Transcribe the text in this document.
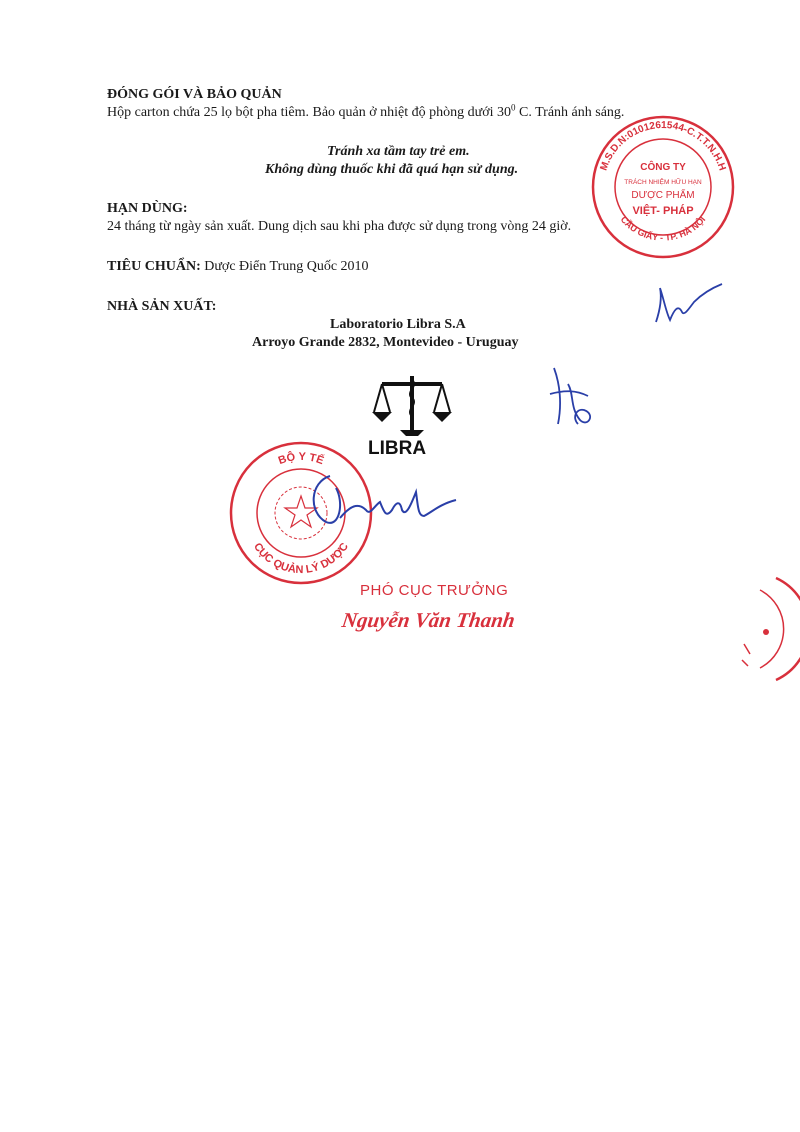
ĐÓNG GÓI VÀ BẢO QUẢN
Hộp carton chứa 25 lọ bột pha tiêm. Bảo quản ở nhiệt độ phòng dưới $30^0$ C. Tránh ánh sáng.
Tránh xa tầm tay trẻ em.
Không dùng thuốc khi đã quá hạn sử dụng.
HẠN DÙNG:
24 tháng từ ngày sản xuất. Dung dịch sau khi pha được sử dụng trong vòng 24 giờ.
TIÊU CHUẨN: Dược Điển Trung Quốc 2010
NHÀ SẢN XUẤT:
Laboratorio Libra S.A
Arroyo Grande 2832, Montevideo - Uruguay
LIBRA
M.S.D.N:0101261544-C.T.T.N.H.H
CẦU GIẤY - TP. HÀ NỘI
CÔNG TY
TRÁCH NHIỆM HỮU HẠN
DƯỢC PHẨM
VIỆT- PHÁP
BỘ Y TẾ
CỤC QUẢN LÝ DƯỢC
PHÓ CỤC TRƯỞNG
Nguyễn Văn Thanh
